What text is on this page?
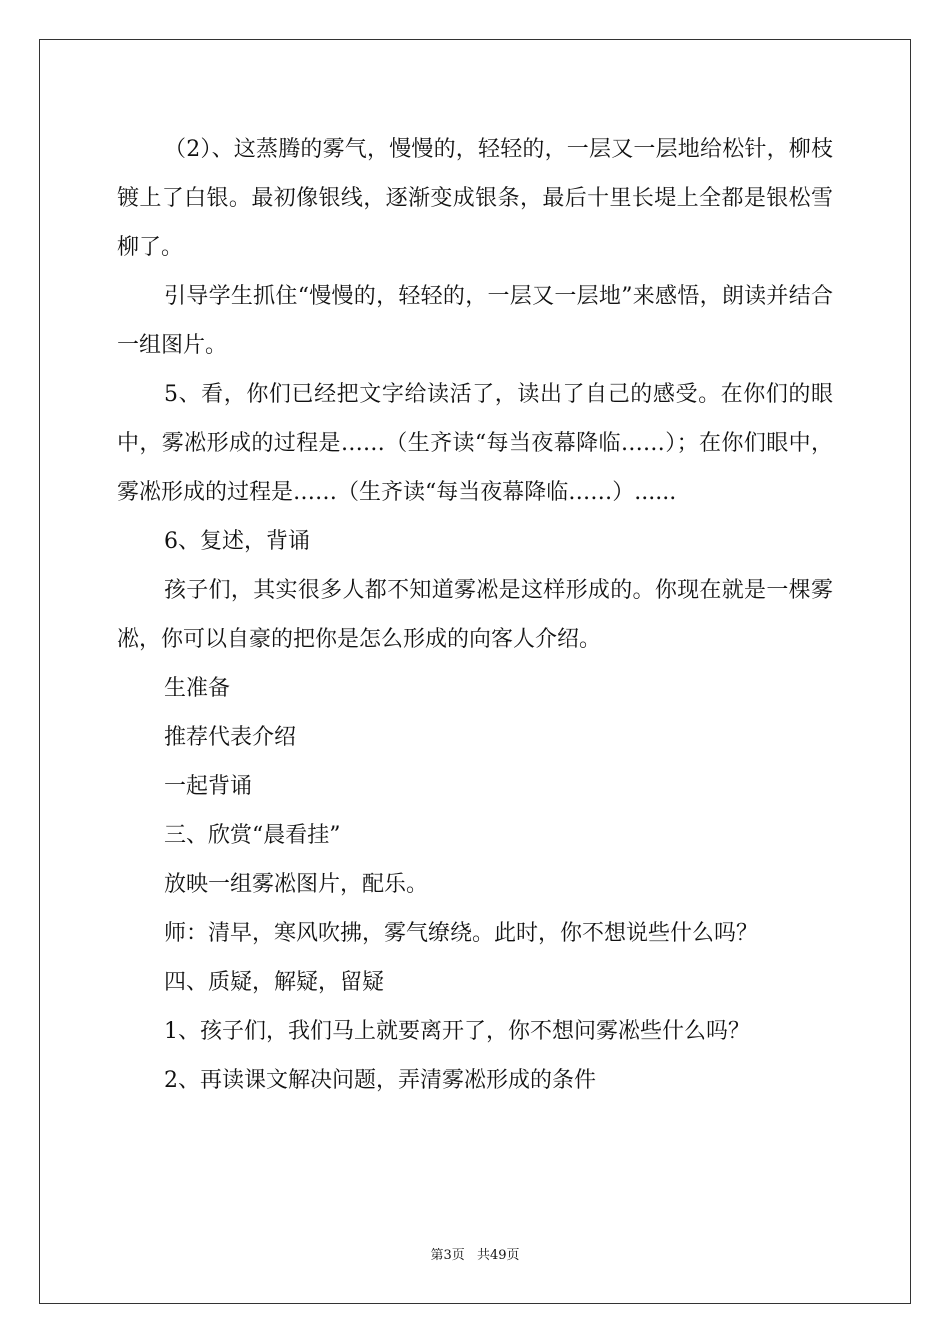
（2）、这蒸腾的雾气，慢慢的，轻轻的，一层又一层地给松针，柳枝镀上了白银。最初像银线，逐渐变成银条，最后十里长堤上全都是银松雪柳了。

引导学生抓住“慢慢的，轻轻的，一层又一层地”来感悟，朗读并结合一组图片。

5、看，你们已经把文字给读活了，读出了自己的感受。在你们的眼中，雾凇形成的过程是……（生齐读“每当夜幕降临……）；在你们眼中，雾凇形成的过程是……（生齐读“每当夜幕降临……）......

6、复述，背诵

孩子们，其实很多人都不知道雾凇是这样形成的。你现在就是一棵雾凇，你可以自豪的把你是怎么形成的向客人介绍。

生准备

推荐代表介绍

一起背诵

三、欣赏“晨看挂”

放映一组雾凇图片，配乐。

师：清早，寒风吹拂，雾气缭绕。此时，你不想说些什么吗？

四、质疑，解疑，留疑

1、孩子们，我们马上就要离开了，你不想问雾凇些什么吗？

2、再读课文解决问题，弄清雾凇形成的条件

第3页 共49页
